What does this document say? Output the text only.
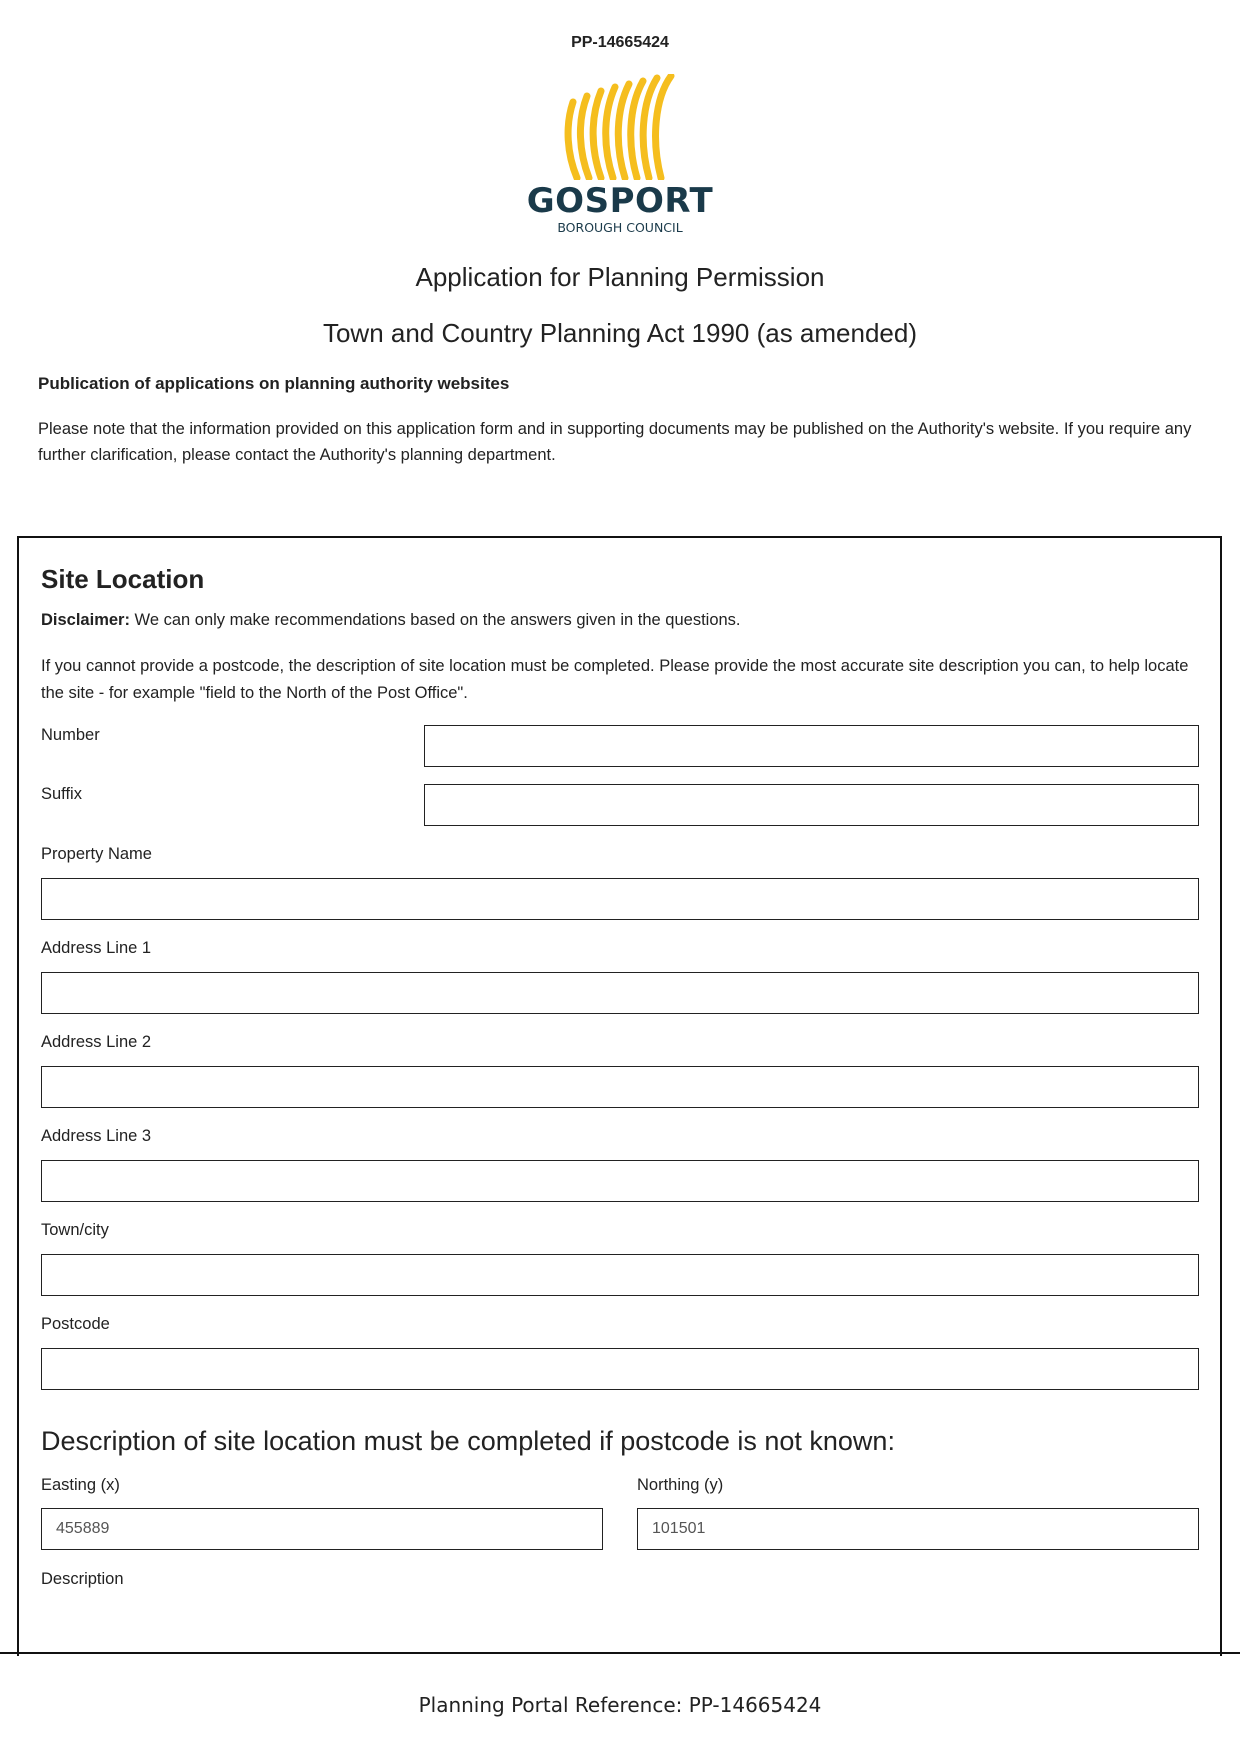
PP-14665424
GOSPORT
BOROUGH COUNCIL
Application for Planning Permission
Town and Country Planning Act 1990 (as amended)
Publication of applications on planning authority websites
Please note that the information provided on this application form and in supporting documents may be published on the Authority's website. If you require any further clarification, please contact the Authority's planning department.
Site Location
Disclaimer: We can only make recommendations based on the answers given in the questions.
If you cannot provide a postcode, the description of site location must be completed. Please provide the most accurate site description you can, to help locate the site - for example "field to the North of the Post Office".
Number
Suffix
Property Name
Address Line 1
Address Line 2
Address Line 3
Town/city
Postcode
Description of site location must be completed if postcode is not known:
Easting (x)
455889
Northing (y)
101501
Description
Planning Portal Reference: PP-14665424
